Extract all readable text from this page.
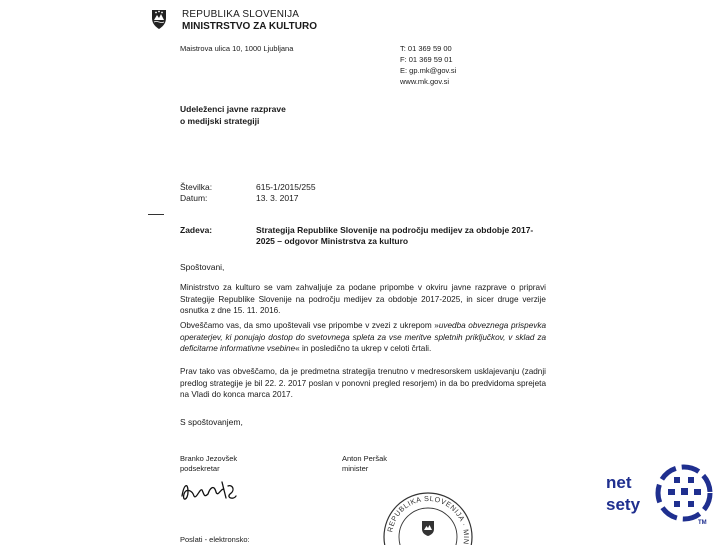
REPUBLIKA SLOVENIJA
MINISTRSTVO ZA KULTURO
Maistrova ulica 10, 1000 Ljubljana	T: 01 369 59 00
F: 01 369 59 01
E: gp.mk@gov.si
www.mk.gov.si
Udeleženci javne razprave
o medijski strategiji
Številka:	615-1/2015/255
Datum:	13. 3. 2017
Zadeva:	Strategija Republike Slovenije na področju medijev za obdobje 2017-
2025 – odgovor Ministrstva za kulturo
Spoštovani,

Ministrstvo za kulturo se vam zahvaljuje za podane pripombe v okviru javne razprave o pripravi Strategije Republike Slovenije na področju medijev za obdobje 2017-2025, in sicer druge verzije osnutka z dne 15. 11. 2016.

Obveščamo vas, da smo upoštevali vse pripombe v zvezi z ukrepom »uvedba obveznega prispevka operaterjev, ki ponujajo dostop do svetovnega spleta za vse meritve spletnih priključkov, v sklad za deficitarne informativne vsebine« in posledično ta ukrep v celoti črtali.

Prav tako vas obveščamo, da je predmetna strategija trenutno v medresorskem usklajevanju (zadnji predlog strategije je bil 22. 2. 2017 poslan v ponovni pregled resorjem) in da bo predvidoma sprejeta na Vladi do konca marca 2017.

S spoštovanjem,
Branko Jezovšek
podsekretar
Anton Peršak
minister
REPUBLIKA SLOVENIJA · MIN
Poslati - elektronsko:
net
sety
TM
